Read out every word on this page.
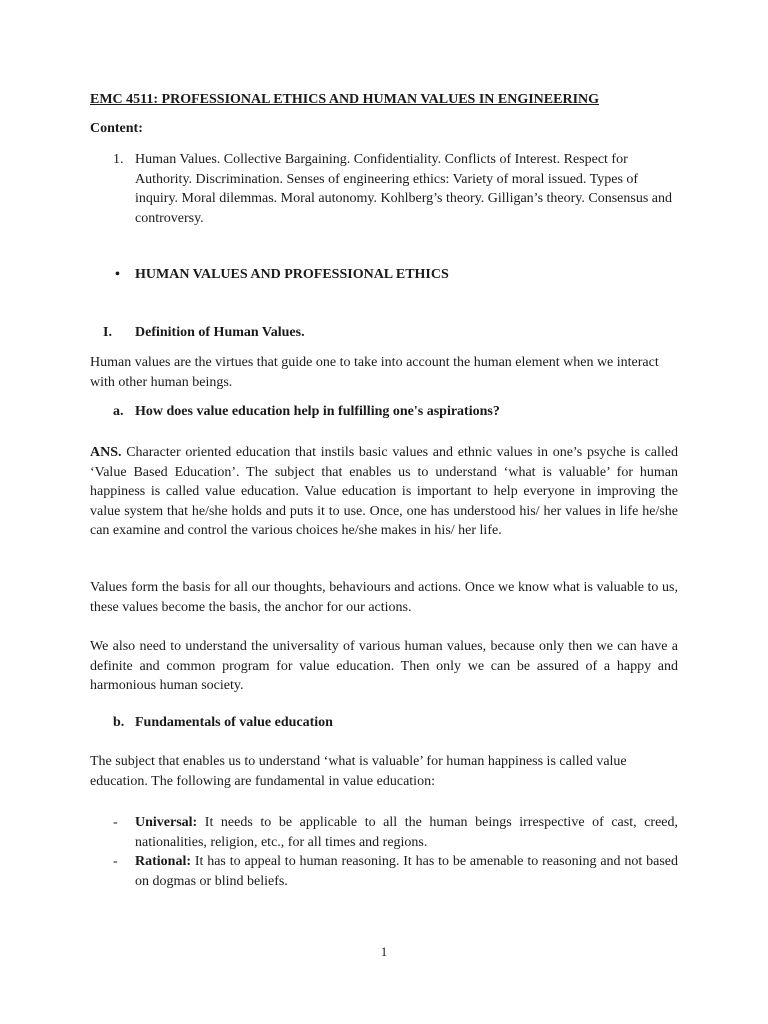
EMC 4511: PROFESSIONAL ETHICS AND HUMAN VALUES IN ENGINEERING

Content:

1. Human Values. Collective Bargaining. Confidentiality. Conflicts of Interest. Respect for Authority. Discrimination. Senses of engineering ethics: Variety of moral issued. Types of inquiry. Moral dilemmas. Moral autonomy. Kohlberg’s theory. Gilligan’s theory. Consensus and controversy.
• HUMAN VALUES AND PROFESSIONAL ETHICS
I. Definition of Human Values.

Human values are the virtues that guide one to take into account the human element when we interact with other human beings.

a. How does value education help in fulfilling one's aspirations?

ANS. Character oriented education that instils basic values and ethnic values in one’s psyche is called ‘Value Based Education’. The subject that enables us to understand ‘what is valuable’ for human happiness is called value education. Value education is important to help everyone in improving the value system that he/she holds and puts it to use. Once, one has understood his/ her values in life he/she can examine and control the various choices he/she makes in his/ her life.

Values form the basis for all our thoughts, behaviours and actions. Once we know what is valuable to us, these values become the basis, the anchor for our actions.

We also need to understand the universality of various human values, because only then we can have a definite and common program for value education. Then only we can be assured of a happy and harmonious human society.

b. Fundamentals of value education

The subject that enables us to understand ‘what is valuable’ for human happiness is called value education. The following are fundamental in value education:

- Universal: It needs to be applicable to all the human beings irrespective of cast, creed, nationalities, religion, etc., for all times and regions.
- Rational: It has to appeal to human reasoning. It has to be amenable to reasoning and not based on dogmas or blind beliefs.
1
